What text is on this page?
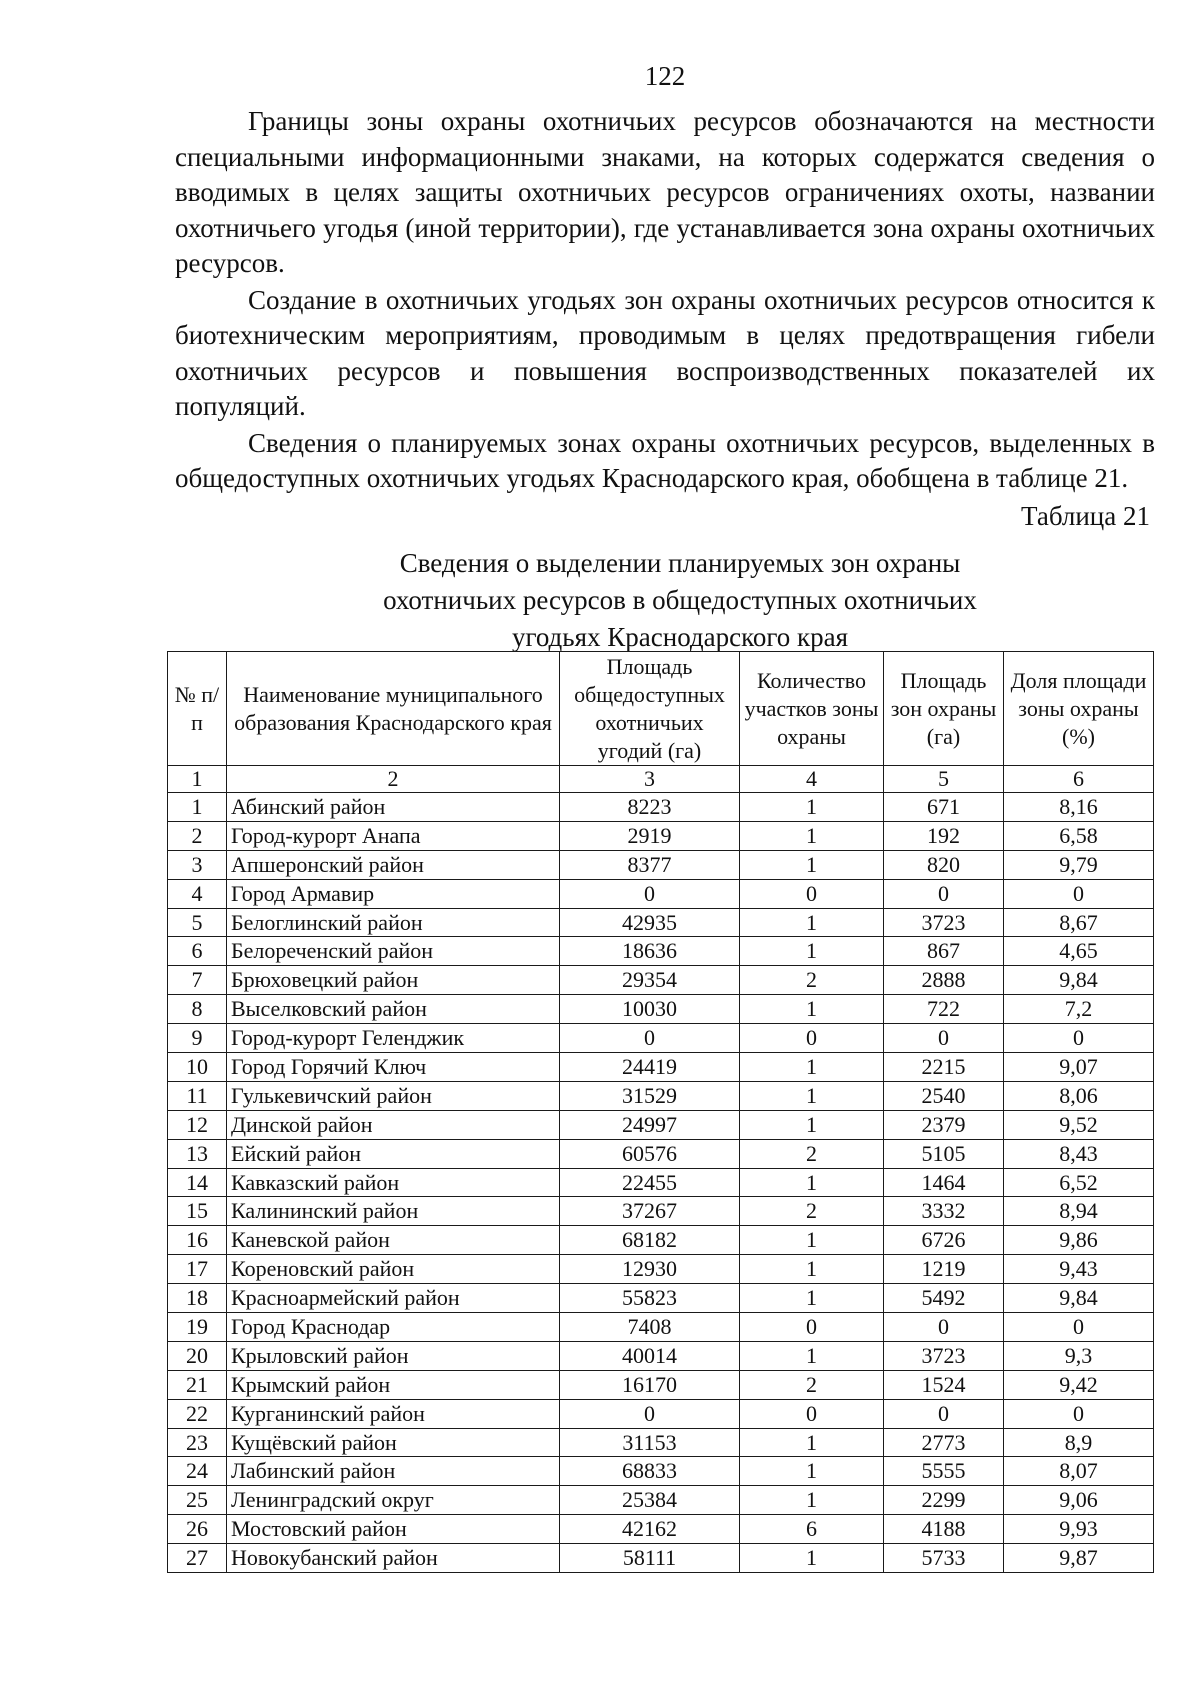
122

Границы зоны охраны охотничьих ресурсов обозначаются на местности специальными информационными знаками, на которых содержатся сведения о вводимых в целях защиты охотничьих ресурсов ограничениях охоты, названии охотничьего угодья (иной территории), где устанавливается зона охраны охотничьих ресурсов.

Создание в охотничьих угодьях зон охраны охотничьих ресурсов относится к биотехническим мероприятиям, проводимым в целях предотвращения гибели охотничьих ресурсов и повышения воспроизводственных показателей их популяций.

Сведения о планируемых зонах охраны охотничьих ресурсов, выделенных в общедоступных охотничьих угодьях Краснодарского края, обобщена в таблице 21.

Таблица 21
Сведения о выделении планируемых зон охраны
охотничьих ресурсов в общедоступных охотничьих
угодьях Краснодарского края
№ п/п	Наименование муниципального образования Краснодарского края	Площадь общедоступных охотничьих угодий (га)	Количество участков зоны охраны	Площадь зон охраны (га)	Доля площади зоны охраны (%)
1	2	3	4	5	6
1	Абинский район	8223	1	671	8,16
2	Город-курорт Анапа	2919	1	192	6,58
3	Апшеронский район	8377	1	820	9,79
4	Город Армавир	0	0	0	0
5	Белоглинский район	42935	1	3723	8,67
6	Белореченский район	18636	1	867	4,65
7	Брюховецкий район	29354	2	2888	9,84
8	Выселковский район	10030	1	722	7,2
9	Город-курорт Геленджик	0	0	0	0
10	Город Горячий Ключ	24419	1	2215	9,07
11	Гулькевичский район	31529	1	2540	8,06
12	Динской район	24997	1	2379	9,52
13	Ейский район	60576	2	5105	8,43
14	Кавказский район	22455	1	1464	6,52
15	Калининский район	37267	2	3332	8,94
16	Каневской район	68182	1	6726	9,86
17	Кореновский район	12930	1	1219	9,43
18	Красноармейский район	55823	1	5492	9,84
19	Город Краснодар	7408	0	0	0
20	Крыловский район	40014	1	3723	9,3
21	Крымский район	16170	2	1524	9,42
22	Курганинский район	0	0	0	0
23	Кущёвский район	31153	1	2773	8,9
24	Лабинский район	68833	1	5555	8,07
25	Ленинградский округ	25384	1	2299	9,06
26	Мостовский район	42162	6	4188	9,93
27	Новокубанский район	58111	1	5733	9,87
